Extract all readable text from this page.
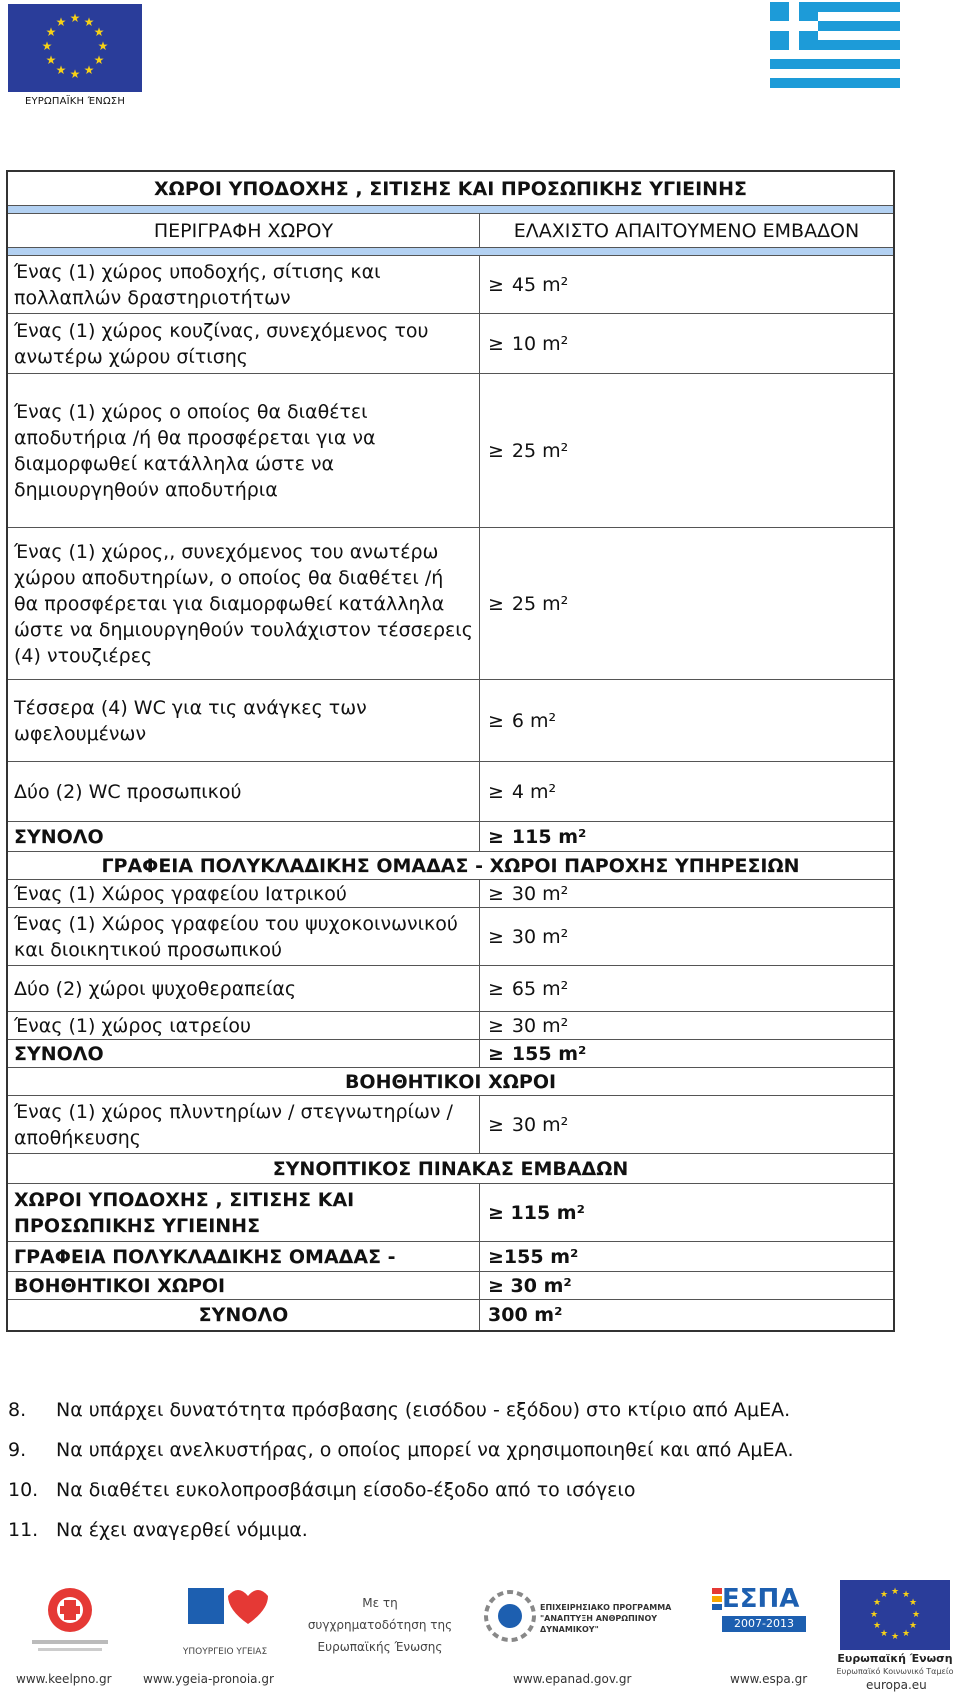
★ ★
★
★
★
★
★
★
★
★
★
★
ΕΥΡΩΠΑΪΚΗ ΈΝΩΣΗ
ΧΩΡΟΙ ΥΠΟΔΟΧΗΣ , ΣΙΤΙΣΗΣ ΚΑΙ ΠΡΟΣΩΠΙΚΗΣ ΥΓΙΕΙΝΗΣ
ΠΕΡΙΓΡΑΦΗ ΧΩΡΟΥ	ΕΛΑΧΙΣΤΟ ΑΠΑΙΤΟΥΜΕΝΟ ΕΜΒΑΔΟΝ
Ένας (1) χώρος υποδοχής, σίτισης και πολλαπλών δραστηριοτήτων
≥ 45 m²
Ένας (1) χώρος κουζίνας, συνεχόμενος του ανωτέρω χώρου σίτισης
≥ 10 m²
Ένας (1) χώρος ο οποίος θα διαθέτει αποδυτήρια /ή θα προσφέρεται για να διαμορφωθεί κατάλληλα ώστε να δημιουργηθούν αποδυτήρια
≥ 25 m²
Ένας (1) χώρος,, συνεχόμενος του ανωτέρω χώρου αποδυτηρίων, ο οποίος θα διαθέτει /ή θα προσφέρεται για διαμορφωθεί κατάλληλα ώστε να δημιουργηθούν τουλάχιστον τέσσερεις (4) ντουζιέρες
≥ 25 m²
Τέσσερα (4) WC για τις ανάγκες των ωφελουμένων
≥ 6 m²
Δύο (2) WC προσωπικού	≥ 4 m²
ΣΥΝΟΛΟ	≥ 115 m²
ΓΡΑΦΕΙΑ ΠΟΛΥΚΛΑΔΙΚΗΣ ΟΜΑΔΑΣ - ΧΩΡΟΙ ΠΑΡΟΧΗΣ ΥΠΗΡΕΣΙΩΝ
Ένας (1) Χώρος γραφείου Ιατρικού	≥ 30 m²
Ένας (1) Χώρος γραφείου του ψυχοκοινωνικού και διοικητικού προσωπικού
≥ 30 m²
Δύο (2) χώροι ψυχοθεραπείας	≥ 65 m²
Ένας (1) χώρος ιατρείου	≥ 30 m²
ΣΥΝΟΛΟ	≥ 155 m²
ΒΟΗΘΗΤΙΚΟΙ ΧΩΡΟΙ
Ένας (1) χώρος πλυντηρίων / στεγνωτηρίων / αποθήκευσης
≥ 30 m²
ΣΥΝΟΠΤΙΚΟΣ ΠΙΝΑΚΑΣ ΕΜΒΑΔΩΝ
ΧΩΡΟΙ ΥΠΟΔΟΧΗΣ , ΣΙΤΙΣΗΣ ΚΑΙ ΠΡΟΣΩΠΙΚΗΣ ΥΓΙΕΙΝΗΣ
≥ 115 m²
ΓΡΑΦΕΙΑ ΠΟΛΥΚΛΑΔΙΚΗΣ ΟΜΑΔΑΣ -	≥155 m²
ΒΟΗΘΗΤΙΚΟΙ ΧΩΡΟΙ	≥ 30 m²
ΣΥΝΟΛΟ	300 m²
8.	Να υπάρχει δυνατότητα πρόσβασης (εισόδου - εξόδου) στο κτίριο από ΑμΕΑ.
9.	Να υπάρχει ανελκυστήρας, ο οποίος μπορεί να χρησιμοποιηθεί και από ΑμΕΑ.
10. Να διαθέτει ευκολοπροσβάσιμη είσοδο-έξοδο από το ισόγειο
11. Να έχει αναγερθεί νόμιμα.
www.keelpno.gr
ΥΠΟΥΡΓΕΙΟ ΥΓΕΙΑΣ
www.ygeia-pronoia.gr
Με τη
συγχρηματοδότηση της
Ευρωπαϊκής Ένωσης
ΕΠΙΧΕΙΡΗΣΙΑΚΟ ΠΡΟΓΡΑΜΜΑ "ΑΝΑΠΤΥΞΗ ΑΝΘΡΩΠΙΝΟΥ ΔΥΝΑΜΙΚΟΥ"
www.epanad.gov.gr
ΕΣΠΑ
2007-2013
www.espa.gr
★ ★
★
★
★
★
★
★
★
★
★
★
Ευρωπαϊκή Ένωση
Ευρωπαϊκό Κοινωνικό Ταμείο
europa.eu
